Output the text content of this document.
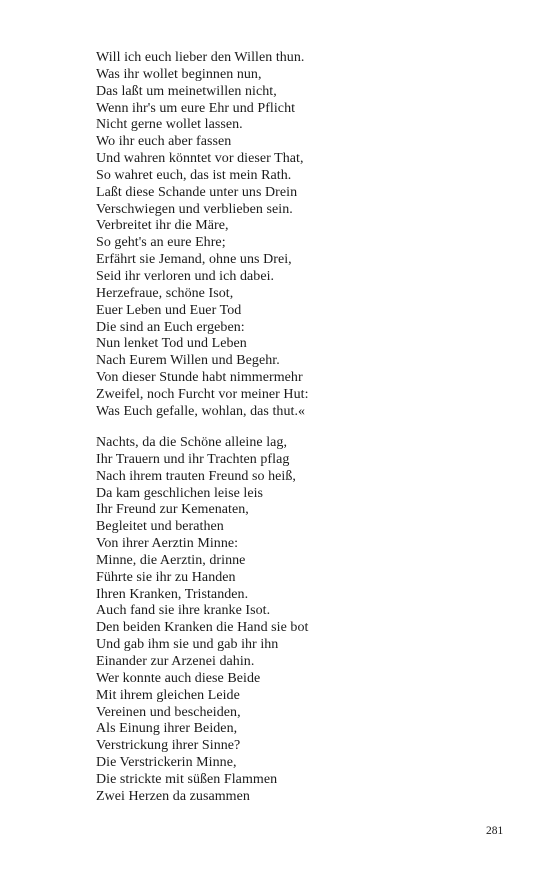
Will ich euch lieber den Willen thun.
Was ihr wollet beginnen nun,
Das laßt um meinetwillen nicht,
Wenn ihr's um eure Ehr und Pflicht
Nicht gerne wollet lassen.
Wo ihr euch aber fassen
Und wahren könntet vor dieser That,
So wahret euch, das ist mein Rath.
Laßt diese Schande unter uns Drein
Verschwiegen und verblieben sein.
Verbreitet ihr die Märe,
So geht's an eure Ehre;
Erfährt sie Jemand, ohne uns Drei,
Seid ihr verloren und ich dabei.
Herzefraue, schöne Isot,
Euer Leben und Euer Tod
Die sind an Euch ergeben:
Nun lenket Tod und Leben
Nach Eurem Willen und Begehr.
Von dieser Stunde habt nimmermehr
Zweifel, noch Furcht vor meiner Hut:
Was Euch gefalle, wohlan, das thut.«
Nachts, da die Schöne alleine lag,
Ihr Trauern und ihr Trachten pflag
Nach ihrem trauten Freund so heiß,
Da kam geschlichen leise leis
Ihr Freund zur Kemenaten,
Begleitet und berathen
Von ihrer Aerztin Minne:
Minne, die Aerztin, drinne
Führte sie ihr zu Handen
Ihren Kranken, Tristanden.
Auch fand sie ihre kranke Isot.
Den beiden Kranken die Hand sie bot
Und gab ihm sie und gab ihr ihn
Einander zur Arzenei dahin.
Wer konnte auch diese Beide
Mit ihrem gleichen Leide
Vereinen und bescheiden,
Als Einung ihrer Beiden,
Verstrickung ihrer Sinne?
Die Verstrickerin Minne,
Die strickte mit süßen Flammen
Zwei Herzen da zusammen
281
